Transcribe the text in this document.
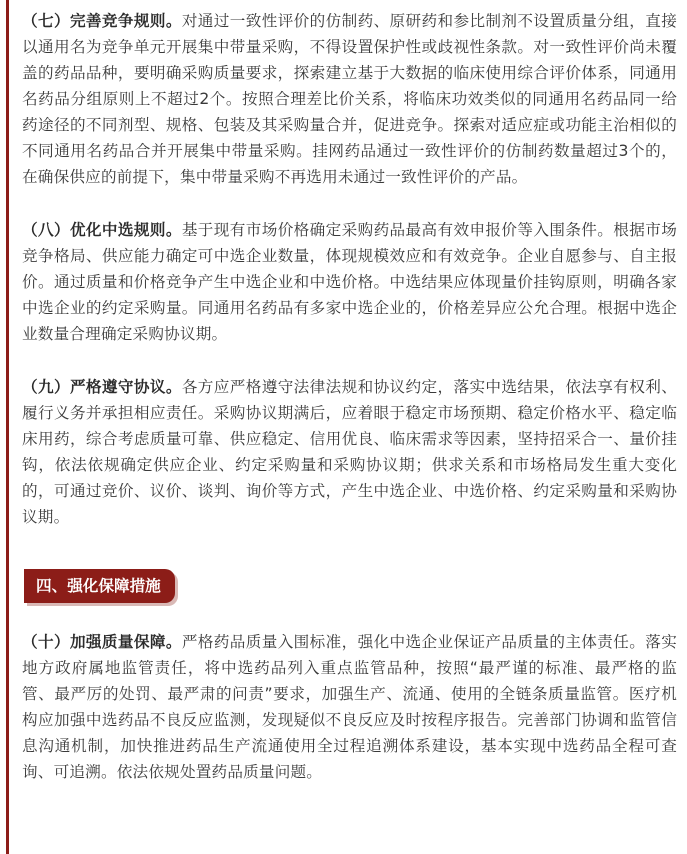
（七）完善竞争规则。对通过一致性评价的仿制药、原研药和参比制剂不设置质量分组，直接以通用名为竞争单元开展集中带量采购，不得设置保护性或歧视性条款。对一致性评价尚未覆盖的药品品种，要明确采购质量要求，探索建立基于大数据的临床使用综合评价体系，同通用名药品分组原则上不超过2个。按照合理差比价关系，将临床功效类似的同通用名药品同一给药途径的不同剂型、规格、包装及其采购量合并，促进竞争。探索对适应症或功能主治相似的不同通用名药品合并开展集中带量采购。挂网药品通过一致性评价的仿制药数量超过3个的，在确保供应的前提下，集中带量采购不再选用未通过一致性评价的产品。

（八）优化中选规则。基于现有市场价格确定采购药品最高有效申报价等入围条件。根据市场竞争格局、供应能力确定可中选企业数量，体现规模效应和有效竞争。企业自愿参与、自主报价。通过质量和价格竞争产生中选企业和中选价格。中选结果应体现量价挂钩原则，明确各家中选企业的约定采购量。同通用名药品有多家中选企业的，价格差异应公允合理。根据中选企业数量合理确定采购协议期。

（九）严格遵守协议。各方应严格遵守法律法规和协议约定，落实中选结果，依法享有权利、履行义务并承担相应责任。采购协议期满后，应着眼于稳定市场预期、稳定价格水平、稳定临床用药，综合考虑质量可靠、供应稳定、信用优良、临床需求等因素，坚持招采合一、量价挂钩，依法依规确定供应企业、约定采购量和采购协议期；供求关系和市场格局发生重大变化的，可通过竞价、议价、谈判、询价等方式，产生中选企业、中选价格、约定采购量和采购协议期。

四、强化保障措施

（十）加强质量保障。严格药品质量入围标准，强化中选企业保证产品质量的主体责任。落实地方政府属地监管责任，将中选药品列入重点监管品种，按照“最严谨的标准、最严格的监管、最严厉的处罚、最严肃的问责”要求，加强生产、流通、使用的全链条质量监管。医疗机构应加强中选药品不良反应监测，发现疑似不良反应及时按程序报告。完善部门协调和监管信息沟通机制，加快推进药品生产流通使用全过程追溯体系建设，基本实现中选药品全程可查询、可追溯。依法依规处置药品质量问题。
